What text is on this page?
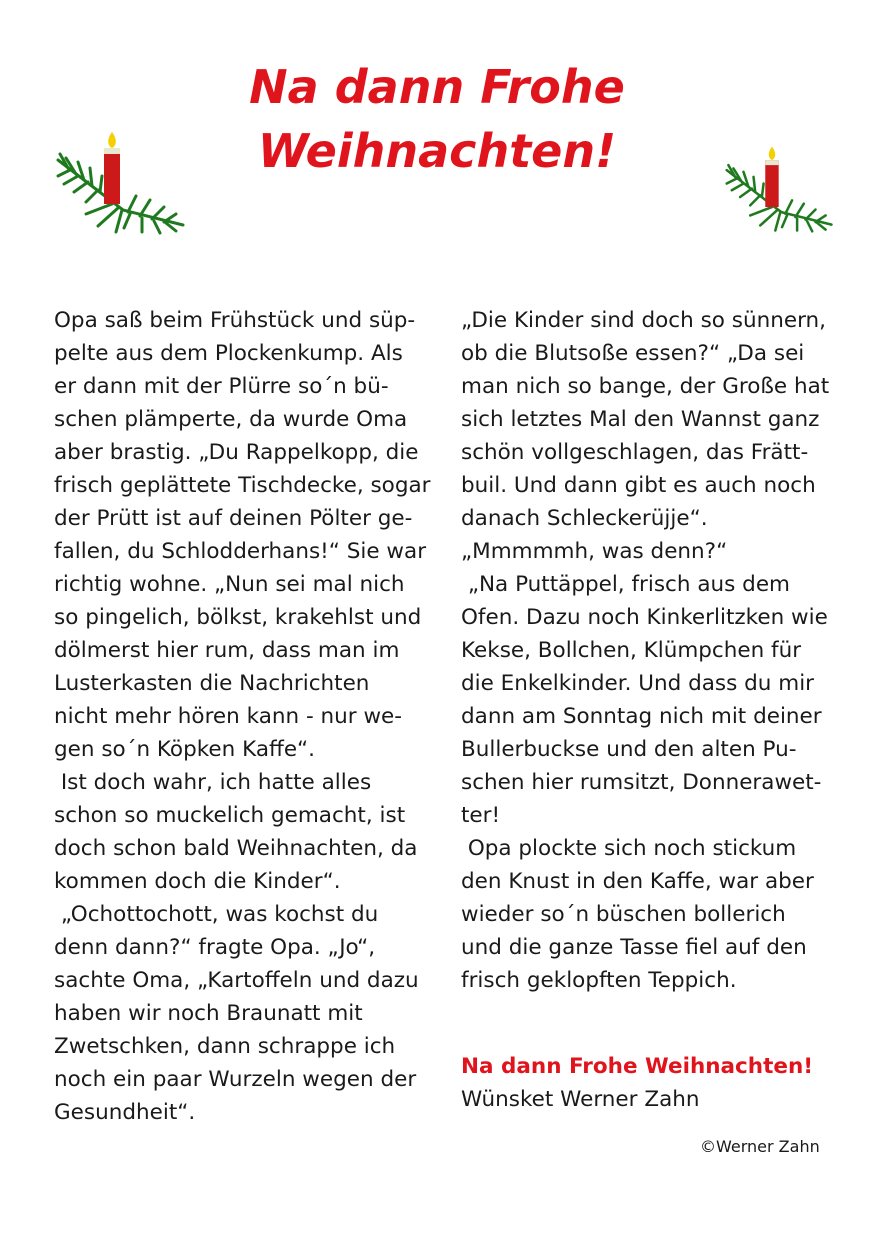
Na dann Frohe
Weihnachten!
Opa saß beim Frühstück und süp-
pelte aus dem Plockenkump. Als
er dann mit der Plürre so´n bü-
schen plämperte, da wurde Oma
aber brastig. „Du Rappelkopp, die
frisch geplättete Tischdecke, sogar
der Prütt ist auf deinen Pölter ge-
fallen, du Schlodderhans!“ Sie war
richtig wohne. „Nun sei mal nich
so pingelich, bölkst, krakehlst und
dölmerst hier rum, dass man im
Lusterkasten die Nachrichten
nicht mehr hören kann - nur we-
gen so´n Köpken Kaffe“.
Ist doch wahr, ich hatte alles
schon so muckelich gemacht, ist
doch schon bald Weihnachten, da
kommen doch die Kinder“.
„Ochottochott, was kochst du
denn dann?“ fragte Opa. „Jo“,
sachte Oma, „Kartoffeln und dazu
haben wir noch Braunatt mit
Zwetschken, dann schrappe ich
noch ein paar Wurzeln wegen der
Gesundheit“.
„Die Kinder sind doch so sünnern,
ob die Blutsoße essen?“ „Da sei
man nich so bange, der Große hat
sich letztes Mal den Wannst ganz
schön vollgeschlagen, das Frätt-
buil. Und dann gibt es auch noch
danach Schleckerüjje“.
„Mmmmmh, was denn?“
„Na Puttäppel, frisch aus dem
Ofen. Dazu noch Kinkerlitzken wie
Kekse, Bollchen, Klümpchen für
die Enkelkinder. Und dass du mir
dann am Sonntag nich mit deiner
Bullerbuckse und den alten Pu-
schen hier rumsitzt, Donnerawet-
ter!
Opa plockte sich noch stickum
den Knust in den Kaffe, war aber
wieder so´n büschen bollerich
und die ganze Tasse fiel auf den
frisch geklopften Teppich.
Na dann Frohe Weihnachten!
Wünsket Werner Zahn
©Werner Zahn
